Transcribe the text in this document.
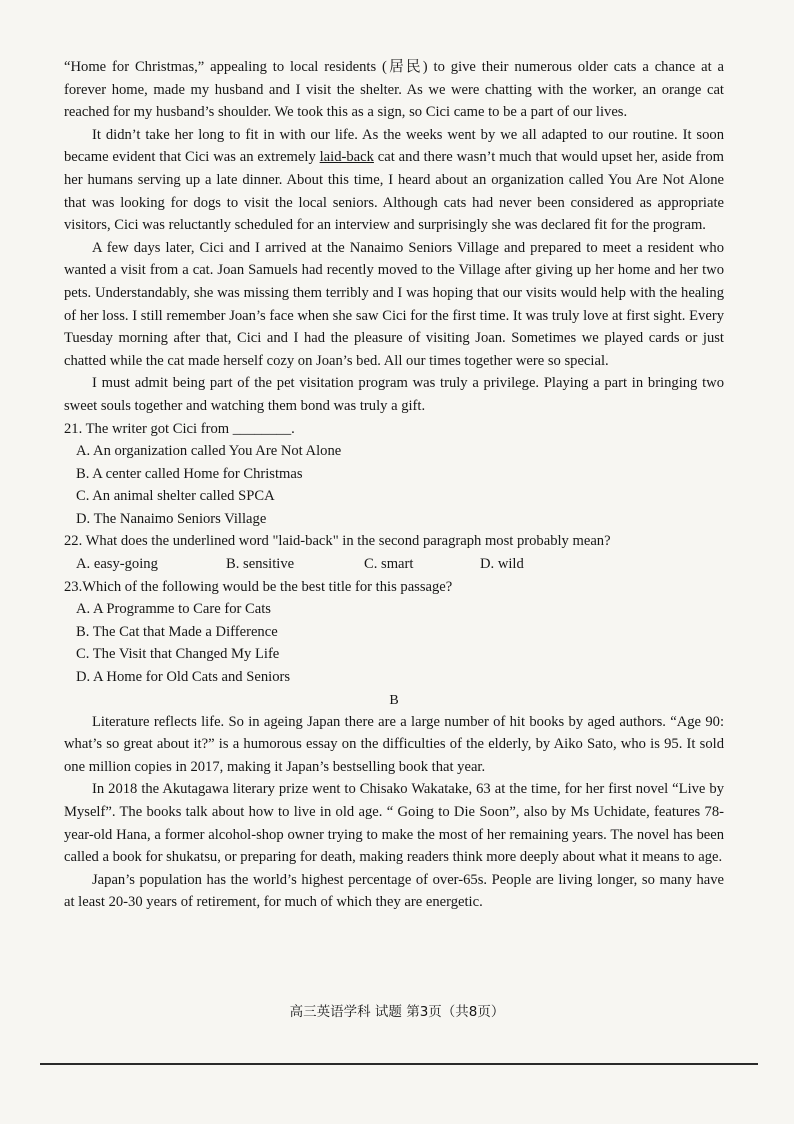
“Home for Christmas,” appealing to local residents (居民) to give their numerous older cats a chance at a forever home, made my husband and I visit the shelter. As we were chatting with the worker, an orange cat reached for my husband’s shoulder. We took this as a sign, so Cici came to be a part of our lives.

It didn’t take her long to fit in with our life. As the weeks went by we all adapted to our routine. It soon became evident that Cici was an extremely laid-back cat and there wasn’t much that would upset her, aside from her humans serving up a late dinner. About this time, I heard about an organization called You Are Not Alone that was looking for dogs to visit the local seniors. Although cats had never been considered as appropriate visitors, Cici was reluctantly scheduled for an interview and surprisingly she was declared fit for the program.

A few days later, Cici and I arrived at the Nanaimo Seniors Village and prepared to meet a resident who wanted a visit from a cat. Joan Samuels had recently moved to the Village after giving up her home and her two pets. Understandably, she was missing them terribly and I was hoping that our visits would help with the healing of her loss. I still remember Joan’s face when she saw Cici for the first time. It was truly love at first sight. Every Tuesday morning after that, Cici and I had the pleasure of visiting Joan. Sometimes we played cards or just chatted while the cat made herself cozy on Joan’s bed. All our times together were so special.

I must admit being part of the pet visitation program was truly a privilege. Playing a part in bringing two sweet souls together and watching them bond was truly a gift.

21. The writer got Cici from ________.

A. An organization called You Are Not Alone

B. A center called Home for Christmas

C. An animal shelter called SPCA

D. The Nanaimo Seniors Village

22. What does the underlined word "laid-back" in the second paragraph most probably mean?

A. easy-going	B. sensitive	C. smart	D. wild

23.Which of the following would be the best title for this passage?

A. A Programme to Care for Cats

B. The Cat that Made a Difference

C. The Visit that Changed My Life

D. A Home for Old Cats and Seniors

B

Literature reflects life. So in ageing Japan there are a large number of hit books by aged authors. “Age 90: what’s so great about it?” is a humorous essay on the difficulties of the elderly, by Aiko Sato, who is 95. It sold one million copies in 2017, making it Japan’s bestselling book that year.

In 2018 the Akutagawa literary prize went to Chisako Wakatake, 63 at the time, for her first novel “Live by Myself”. The books talk about how to live in old age. “ Going to Die Soon”, also by Ms Uchidate, features 78-year-old Hana, a former alcohol-shop owner trying to make the most of her remaining years. The novel has been called a book for shukatsu, or preparing for death, making readers think more deeply about what it means to age.

Japan’s population has the world’s highest percentage of over-65s. People are living longer, so many have at least 20-30 years of retirement, for much of which they are energetic.

高三英语学科 试题 第3页（共8页）
